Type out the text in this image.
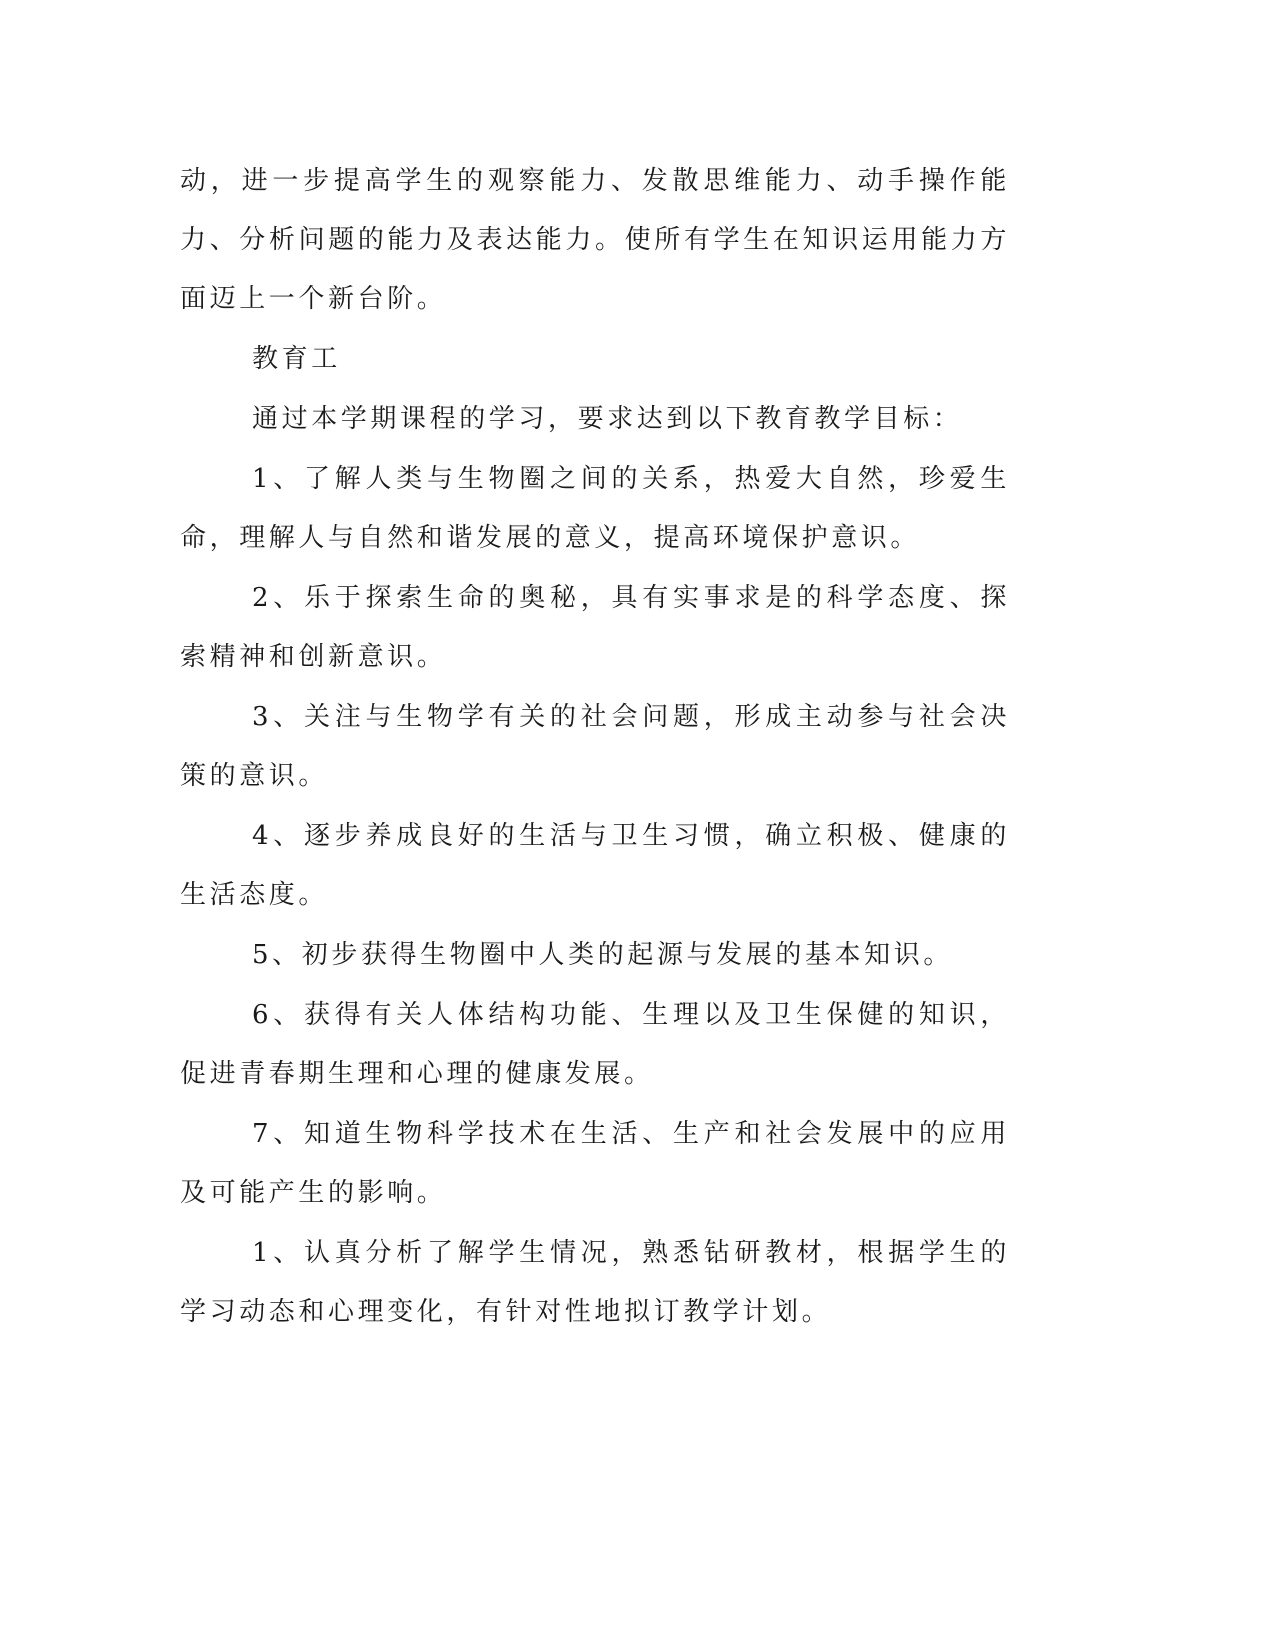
动，进一步提高学生的观察能力、发散思维能力、动手操作能力、分析问题的能力及表达能力。使所有学生在知识运用能力方面迈上一个新台阶。

教育工

通过本学期课程的学习，要求达到以下教育教学目标：

1、了解人类与生物圈之间的关系，热爱大自然，珍爱生命，理解人与自然和谐发展的意义，提高环境保护意识。

2、乐于探索生命的奥秘，具有实事求是的科学态度、探索精神和创新意识。

3、关注与生物学有关的社会问题，形成主动参与社会决策的意识。

4、逐步养成良好的生活与卫生习惯，确立积极、健康的生活态度。

5、初步获得生物圈中人类的起源与发展的基本知识。

6、获得有关人体结构功能、生理以及卫生保健的知识，促进青春期生理和心理的健康发展。

7、知道生物科学技术在生活、生产和社会发展中的应用及可能产生的影响。

1、认真分析了解学生情况，熟悉钻研教材，根据学生的学习动态和心理变化，有针对性地拟订教学计划。
